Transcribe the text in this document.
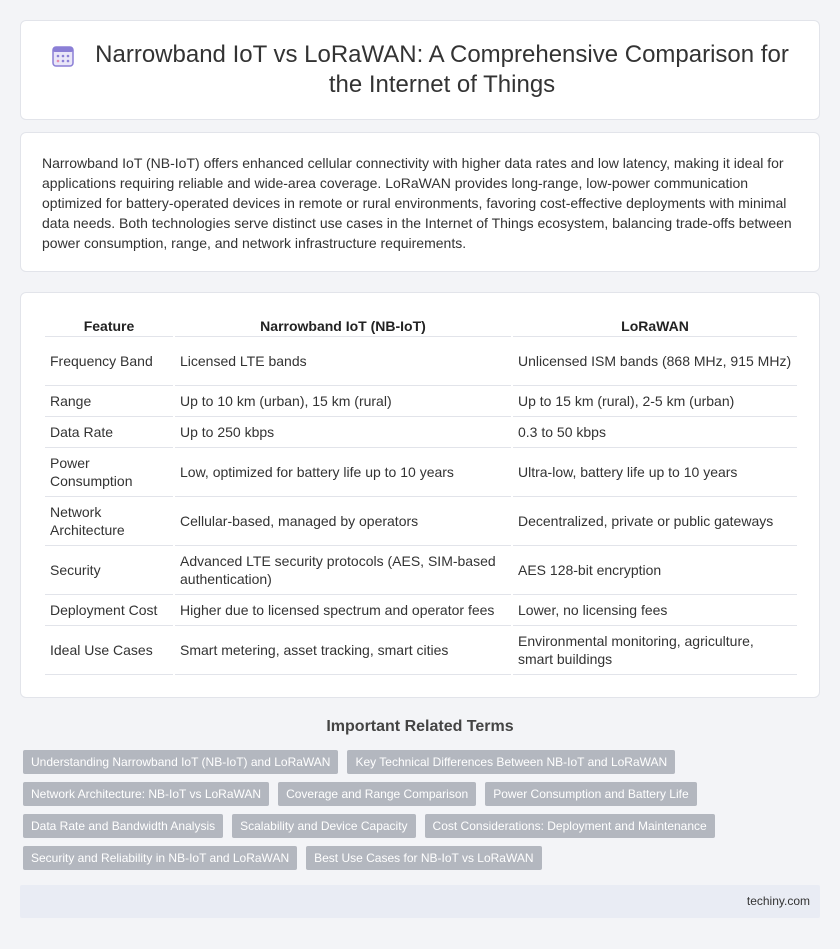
Narrowband IoT vs LoRaWAN: A Comprehensive Comparison for the Internet of Things

Narrowband IoT (NB-IoT) offers enhanced cellular connectivity with higher data rates and low latency, making it ideal for applications requiring reliable and wide-area coverage. LoRaWAN provides long-range, low-power communication optimized for battery-operated devices in remote or rural environments, favoring cost-effective deployments with minimal data needs. Both technologies serve distinct use cases in the Internet of Things ecosystem, balancing trade-offs between power consumption, range, and network infrastructure requirements.

Feature	Narrowband IoT (NB-IoT)	LoRaWAN
Frequency Band	Licensed LTE bands	Unlicensed ISM bands (868 MHz, 915 MHz)
Range	Up to 10 km (urban), 15 km (rural)	Up to 15 km (rural), 2-5 km (urban)
Data Rate	Up to 250 kbps	0.3 to 50 kbps
Power Consumption	Low, optimized for battery life up to 10 years	Ultra-low, battery life up to 10 years
Network Architecture	Cellular-based, managed by operators	Decentralized, private or public gateways
Security	Advanced LTE security protocols (AES, SIM-based authentication)	AES 128-bit encryption
Deployment Cost	Higher due to licensed spectrum and operator fees	Lower, no licensing fees
Ideal Use Cases	Smart metering, asset tracking, smart cities	Environmental monitoring, agriculture, smart buildings
Important Related Terms
Understanding Narrowband IoT (NB-IoT) and LoRaWAN	Key Technical Differences Between NB-IoT and LoRaWAN
Network Architecture: NB-IoT vs LoRaWAN	Coverage and Range Comparison	Power Consumption and Battery Life
Data Rate and Bandwidth Analysis	Scalability and Device Capacity	Cost Considerations: Deployment and Maintenance
Security and Reliability in NB-IoT and LoRaWAN	Best Use Cases for NB-IoT vs LoRaWAN
techiny.com
